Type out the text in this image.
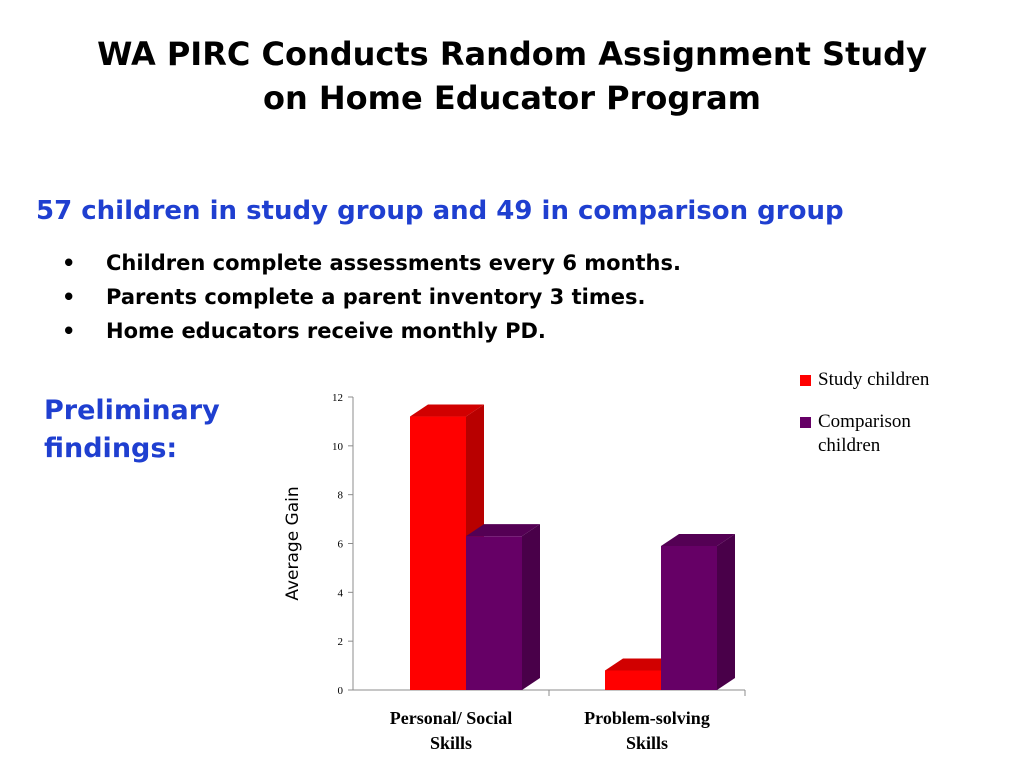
WA PIRC Conducts Random Assignment Study
on Home Educator Program
57 children in study group and 49 in comparison group
• Children complete assessments every 6 months.
• Parents complete a parent inventory 3 times.
• Home educators receive monthly PD.
Preliminary
findings:
0
2
4
6
8
10
12
Average Gain
Personal/ Social
Skills
Problem-solving
Skills
Study children
Comparison children
